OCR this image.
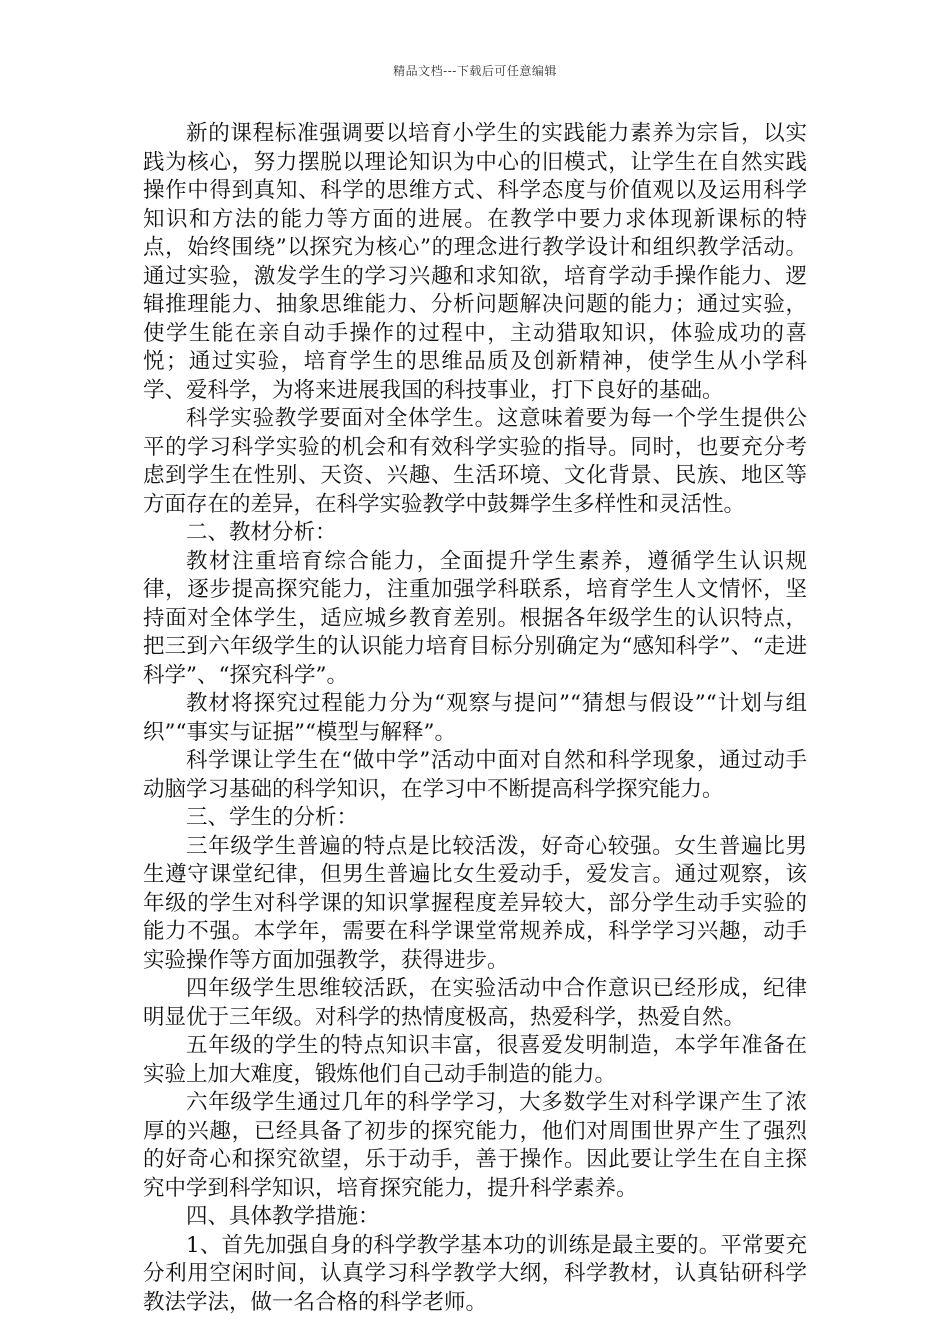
精品文档---下载后可任意编辑

新的课程标准强调要以培育小学生的实践能力素养为宗旨，以实践为核心，努力摆脱以理论知识为中心的旧模式，让学生在自然实践操作中得到真知、科学的思维方式、科学态度与价值观以及运用科学知识和方法的能力等方面的进展。在教学中要力求体现新课标的特点，始终围绕”以探究为核心”的理念进行教学设计和组织教学活动。通过实验，激发学生的学习兴趣和求知欲，培育学动手操作能力、逻辑推理能力、抽象思维能力、分析问题解决问题的能力；通过实验，使学生能在亲自动手操作的过程中，主动猎取知识，体验成功的喜悦；通过实验，培育学生的思维品质及创新精神，使学生从小学科学、爱科学，为将来进展我国的科技事业，打下良好的基础。

科学实验教学要面对全体学生。这意味着要为每一个学生提供公平的学习科学实验的机会和有效科学实验的指导。同时，也要充分考虑到学生在性别、天资、兴趣、生活环境、文化背景、民族、地区等方面存在的差异，在科学实验教学中鼓舞学生多样性和灵活性。

二、教材分析：

教材注重培育综合能力，全面提升学生素养，遵循学生认识规律，逐步提高探究能力，注重加强学科联系，培育学生人文情怀，坚持面对全体学生，适应城乡教育差别。根据各年级学生的认识特点，把三到六年级学生的认识能力培育目标分别确定为“感知科学”、“走进科学”、“探究科学”。

教材将探究过程能力分为“观察与提问”“猜想与假设”“计划与组织”“事实与证据”“模型与解释”。

科学课让学生在“做中学”活动中面对自然和科学现象，通过动手动脑学习基础的科学知识，在学习中不断提高科学探究能力。

三、学生的分析：

三年级学生普遍的特点是比较活泼，好奇心较强。女生普遍比男生遵守课堂纪律，但男生普遍比女生爱动手，爱发言。通过观察，该年级的学生对科学课的知识掌握程度差异较大，部分学生动手实验的能力不强。本学年，需要在科学课堂常规养成，科学学习兴趣，动手实验操作等方面加强教学，获得进步。

四年级学生思维较活跃，在实验活动中合作意识已经形成，纪律明显优于三年级。对科学的热情度极高，热爱科学，热爱自然。

五年级的学生的特点知识丰富，很喜爱发明制造，本学年准备在实验上加大难度，锻炼他们自己动手制造的能力。

六年级学生通过几年的科学学习，大多数学生对科学课产生了浓厚的兴趣，已经具备了初步的探究能力，他们对周围世界产生了强烈的好奇心和探究欲望，乐于动手，善于操作。因此要让学生在自主探究中学到科学知识，培育探究能力，提升科学素养。

四、具体教学措施：

1、首先加强自身的科学教学基本功的训练是最主要的。平常要充分利用空闲时间，认真学习科学教学大纲，科学教材，认真钻研科学教法学法，做一名合格的科学老师。
